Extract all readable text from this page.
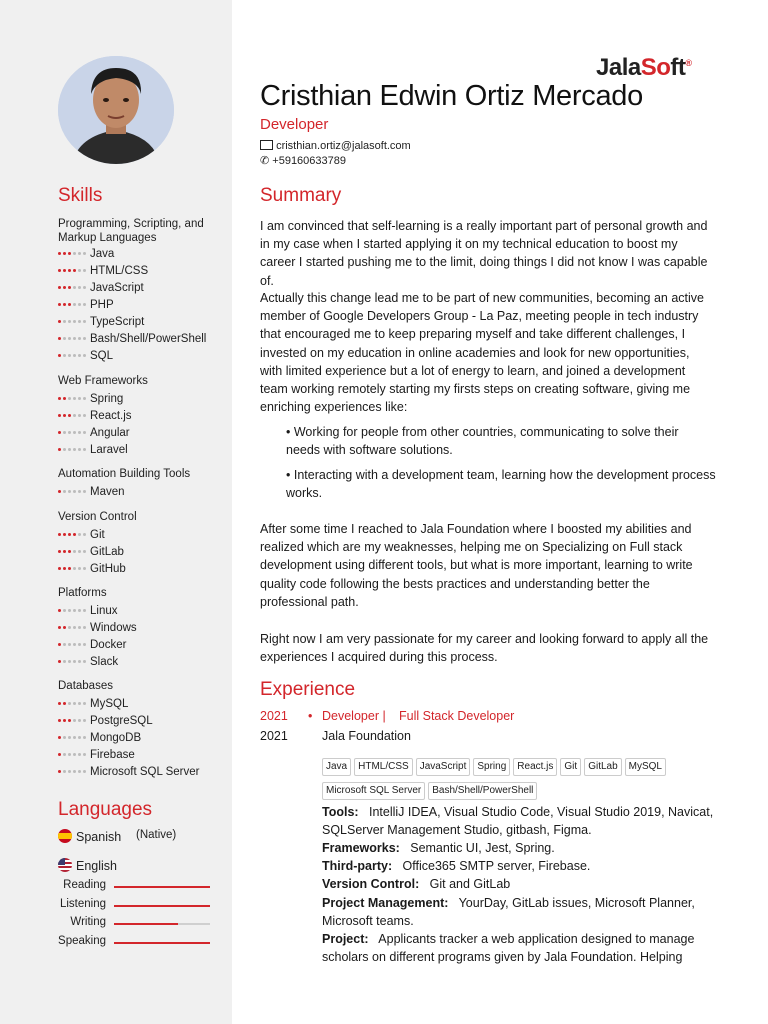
Skills
Programming, Scripting, and Markup Languages
Java
HTML/CSS
JavaScript
PHP
TypeScript
Bash/Shell/PowerShell
SQL
Web Frameworks
Spring
React.js
Angular
Laravel
Automation Building Tools
Maven
Version Control
Git
GitLab
GitHub
Platforms
Linux
Windows
Docker
Slack
Databases
MySQL
PostgreSQL
MongoDB
Firebase
Microsoft SQL Server
Languages
Spanish (Native)
English
Reading
Listening
Writing
Speaking
JalaSoft®
Cristhian Edwin Ortiz Mercado
Developer
cristhian.ortiz@jalasoft.com
✆ +59160633789
Summary
I am convinced that self-learning is a really important part of personal growth and in my case when I started applying it on my technical education to boost my career I started pushing me to the limit, doing things I did not know I was capable of.
Actually this change lead me to be part of new communities, becoming an active member of Google Developers Group - La Paz, meeting people in tech industry that encouraged me to keep preparing myself and take different challenges, I invested on my education in online academies and look for new opportunities, with limited experience but a lot of energy to learn, and joined a development team working remotely starting my firsts steps on creating software, giving me enriching experiences like:
• Working for people from other countries, communicating to solve their needs with software solutions.
• Interacting with a development team, learning how the development process works.
After some time I reached to Jala Foundation where I boosted my abilities and realized which are my weaknesses, helping me on Specializing on Full stack development using different tools, but what is more important, learning to write quality code following the bests practices and understanding better the professional path.
Right now I am very passionate for my career and looking forward to apply all the experiences I acquired during this process.
Experience
2021 • Developer | Full Stack Developer
2021	Jala Foundation
Java HTML/CSS JavaScript Spring React.js Git GitLab MySQL
Microsoft SQL Server Bash/Shell/PowerShell
Tools:   IntelliJ IDEA, Visual Studio Code, Visual Studio 2019, Navicat, SQLServer Management Studio, gitbash, Figma.
Frameworks:   Semantic UI, Jest, Spring.
Third-party:   Office365 SMTP server, Firebase.
Version Control:   Git and GitLab
Project Management:   YourDay, GitLab issues, Microsoft Planner, Microsoft teams.
Project:   Applicants tracker a web application designed to manage scholars on different programs given by Jala Foundation. Helping
